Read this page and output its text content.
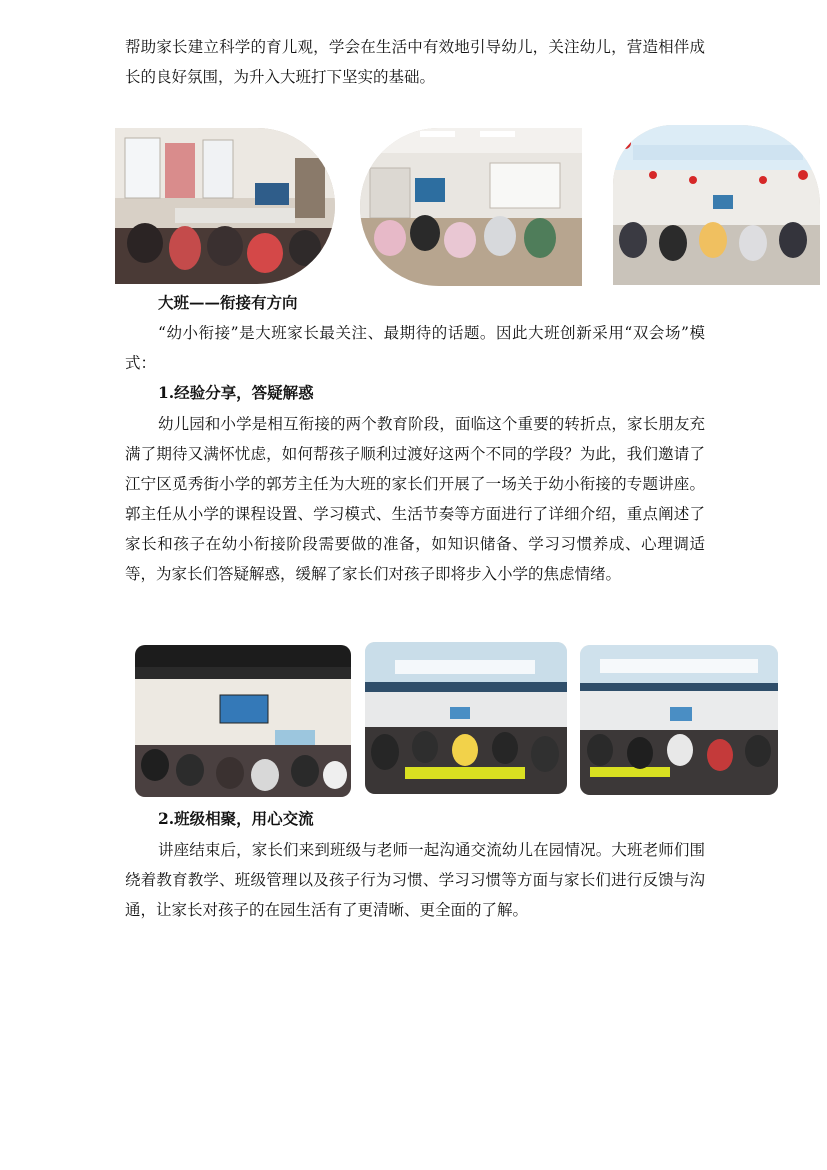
帮助家长建立科学的育儿观，学会在生活中有效地引导幼儿，关注幼儿，营造相伴成长的良好氛围，为升入大班打下坚实的基础。

大班——衔接有方向

“幼小衔接”是大班家长最关注、最期待的话题。因此大班创新采用“双会场”模式：

1.经验分享，答疑解惑

幼儿园和小学是相互衔接的两个教育阶段，面临这个重要的转折点，家长朋友充满了期待又满怀忧虑，如何帮孩子顺利过渡好这两个不同的学段？为此，我们邀请了江宁区觅秀街小学的郭芳主任为大班的家长们开展了一场关于幼小衔接的专题讲座。郭主任从小学的课程设置、学习模式、生活节奏等方面进行了详细介绍，重点阐述了家长和孩子在幼小衔接阶段需要做的准备，如知识储备、学习习惯养成、心理调适等，为家长们答疑解惑，缓解了家长们对孩子即将步入小学的焦虑情绪。

2.班级相聚，用心交流

讲座结束后，家长们来到班级与老师一起沟通交流幼儿在园情况。大班老师们围绕着教育教学、班级管理以及孩子行为习惯、学习习惯等方面与家长们进行反馈与沟通，让家长对孩子的在园生活有了更清晰、更全面的了解。
